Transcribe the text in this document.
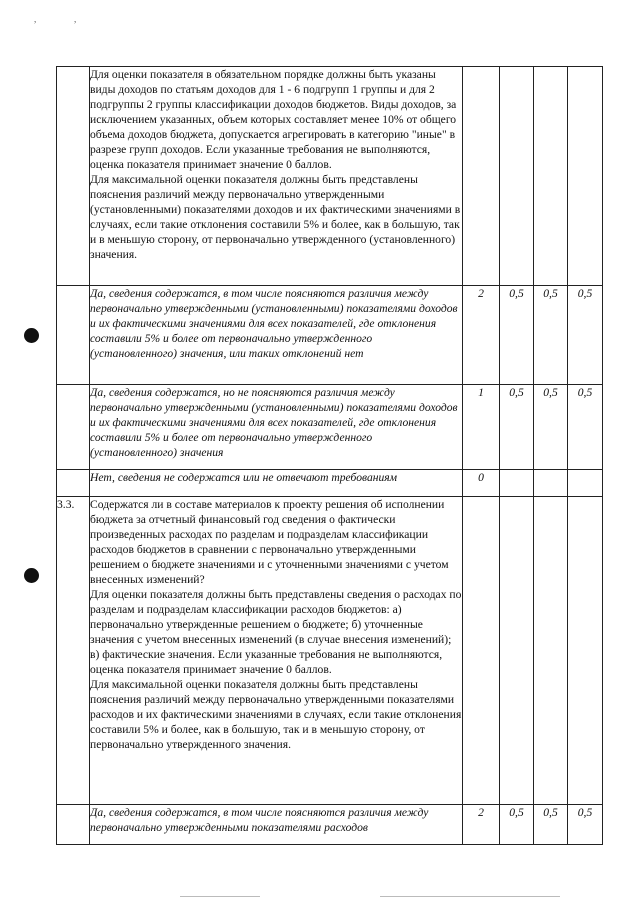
,	,

	Для оценки показателя в обязательном порядке должны быть указаны виды доходов по статьям доходов для 1 - 6 подгрупп 1 группы и для 2 подгруппы 2 группы классификации доходов бюджетов. Виды доходов, за исключением указанных, объем которых составляет менее 10% от общего объема доходов бюджета, допускается агрегировать в категорию "иные" в разрезе групп доходов. Если указанные требования не выполняются, оценка показателя принимает значение 0 баллов.

Для максимальной оценки показателя должны быть представлены пояснения различий между первоначально утвержденными (установленными) показателями доходов и их фактическими значениями в случаях, если такие отклонения составили 5% и более, как в большую, так и в меньшую сторону, от первоначально утвержденного (установленного) значения.				

	Да, сведения содержатся, в том числе поясняются различия между первоначально утвержденными (установленными) показателями доходов и их фактическими значениями для всех показателей, где отклонения составили 5% и более от первоначально утвержденного (установленного) значения, или таких отклонений нет	2	0,5	0,5	0,5

	Да, сведения содержатся, но не поясняются различия между первоначально утвержденными (установленными) показателями доходов и их фактическими значениями для всех показателей, где отклонения составили 5% и более от первоначально утвержденного (установленного) значения	1	0,5	0,5	0,5

	Нет, сведения не содержатся или не отвечают требованиям	0			
3.3.	Содержатся ли в составе материалов к проекту решения об исполнении бюджета за отчетный финансовый год сведения о фактически произведенных расходах по разделам и подразделам классификации расходов бюджетов в сравнении с первоначально утвержденными решением о бюджете значениями и с уточненными значениями с учетом внесенных изменений?

Для оценки показателя должны быть представлены сведения о расходах по разделам и подразделам классификации расходов бюджетов: а) первоначально утвержденные решением о бюджете; б) уточненные значения с учетом внесенных изменений (в случае внесения изменений); в) фактические значения. Если указанные требования не выполняются, оценка показателя принимает значение 0 баллов.

Для максимальной оценки показателя должны быть представлены пояснения различий между первоначально утвержденными показателями расходов и их фактическими значениями в случаях, если такие отклонения составили 5% и более, как в большую, так и в меньшую сторону, от первоначально утвержденного значения.				

	Да, сведения содержатся, в том числе поясняются различия между первоначально утвержденными показателями расходов	2	0,5	0,5	0,5
